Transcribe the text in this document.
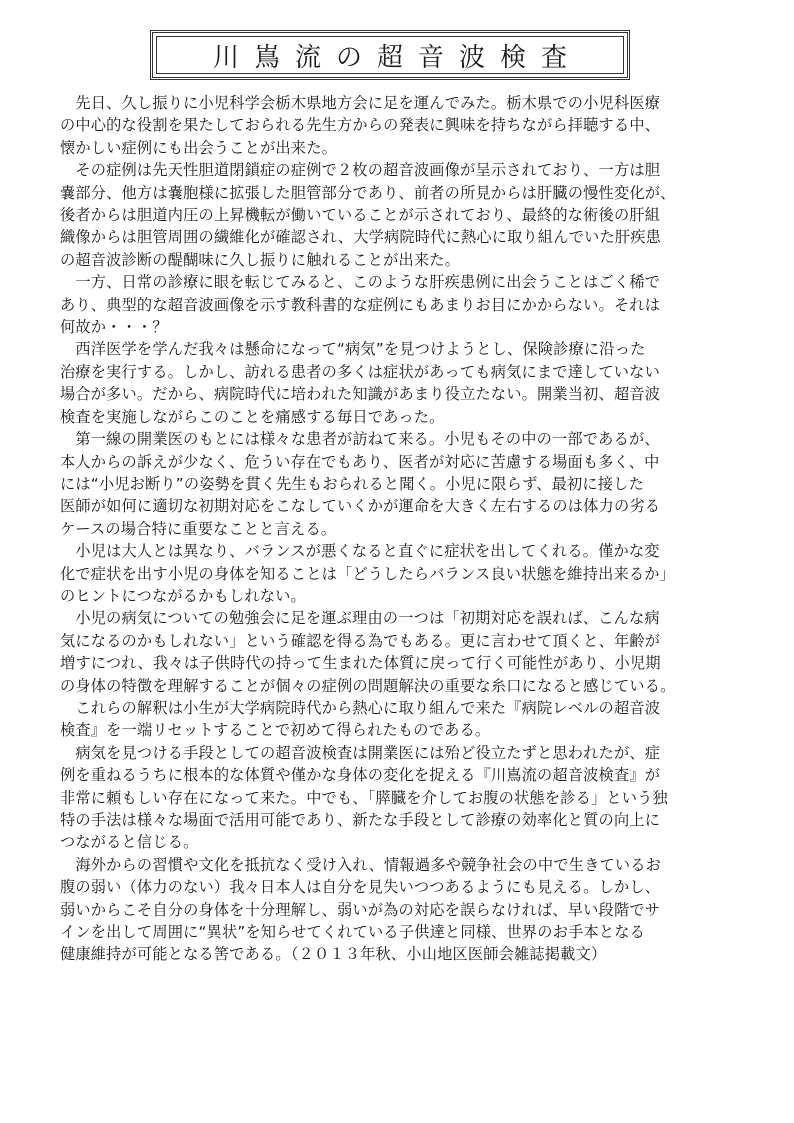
川嶌流の超音波検査

　先日、久し振りに小児科学会栃木県地方会に足を運んでみた。栃木県での小児科医療
の中心的な役割を果たしておられる先生方からの発表に興味を持ちながら拝聴する中、
懐かしい症例にも出会うことが出来た。

　その症例は先天性胆道閉鎖症の症例で２枚の超音波画像が呈示されており、一方は胆
嚢部分、他方は嚢胞様に拡張した胆管部分であり、前者の所見からは肝臓の慢性変化が、
後者からは胆道内圧の上昇機転が働いていることが示されており、最終的な術後の肝組
織像からは胆管周囲の繊維化が確認され、大学病院時代に熱心に取り組んでいた肝疾患
の超音波診断の醍醐味に久し振りに触れることが出来た。

　一方、日常の診療に眼を転じてみると、このような肝疾患例に出会うことはごく稀で
あり、典型的な超音波画像を示す教科書的な症例にもあまりお目にかからない。それは
何故か・・・？

　西洋医学を学んだ我々は懸命になって“病気”を見つけようとし、保険診療に沿った
治療を実行する。しかし、訪れる患者の多くは症状があっても病気にまで達していない
場合が多い。だから、病院時代に培われた知識があまり役立たない。開業当初、超音波
検査を実施しながらこのことを痛感する毎日であった。

　第一線の開業医のもとには様々な患者が訪ねて来る。小児もその中の一部であるが、
本人からの訴えが少なく、危うい存在でもあり、医者が対応に苦慮する場面も多く、中
には“小児お断り”の姿勢を貫く先生もおられると聞く。小児に限らず、最初に接した
医師が如何に適切な初期対応をこなしていくかが運命を大きく左右するのは体力の劣る
ケースの場合特に重要なことと言える。

　小児は大人とは異なり、バランスが悪くなると直ぐに症状を出してくれる。僅かな変
化で症状を出す小児の身体を知ることは「どうしたらバランス良い状態を維持出来るか」
のヒントにつながるかもしれない。

　小児の病気についての勉強会に足を運ぶ理由の一つは「初期対応を誤れば、こんな病
気になるのかもしれない」という確認を得る為でもある。更に言わせて頂くと、年齢が
増すにつれ、我々は子供時代の持って生まれた体質に戻って行く可能性があり、小児期
の身体の特徴を理解することが個々の症例の問題解決の重要な糸口になると感じている。

　これらの解釈は小生が大学病院時代から熱心に取り組んで来た『病院レベルの超音波
検査』を一端リセットすることで初めて得られたものである。

　病気を見つける手段としての超音波検査は開業医には殆ど役立たずと思われたが、症
例を重ねるうちに根本的な体質や僅かな身体の変化を捉える『川嶌流の超音波検査』が
非常に頼もしい存在になって来た。中でも、「膵臓を介してお腹の状態を診る」という独
特の手法は様々な場面で活用可能であり、新たな手段として診療の効率化と質の向上に
つながると信じる。

　海外からの習慣や文化を抵抗なく受け入れ、情報過多や競争社会の中で生きているお
腹の弱い（体力のない）我々日本人は自分を見失いつつあるようにも見える。しかし、
弱いからこそ自分の身体を十分理解し、弱いが為の対応を誤らなければ、早い段階でサ
インを出して周囲に“異状”を知らせてくれている子供達と同様、世界のお手本となる
健康維持が可能となる筈である。（２０１３年秋、小山地区医師会雑誌掲載文）
